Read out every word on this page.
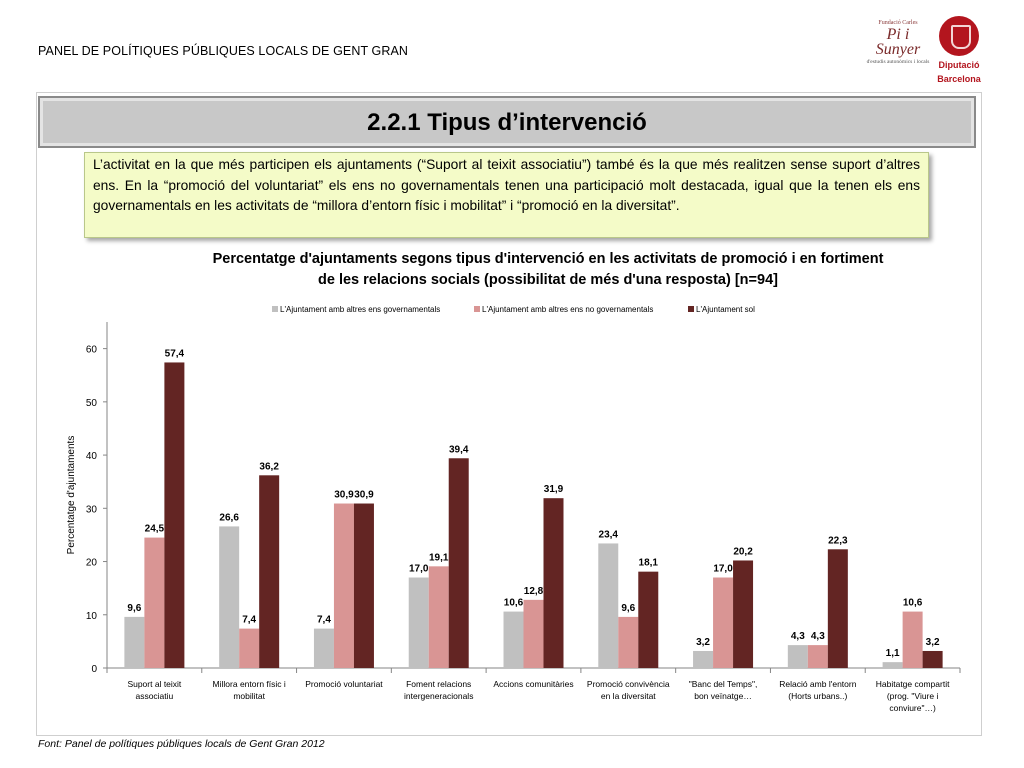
PANEL DE POLÍTIQUES PÚBLIQUES LOCALS DE GENT GRAN
Fundació Carles
Pi i Sunyer
d'estudis autonòmics i locals	Diputació
Barcelona
2.2.1 Tipus d’intervenció
L’activitat en la que més participen els ajuntaments (“Suport al teixit associatiu”) també és la que més realitzen sense suport d’altres ens. En la “promoció del voluntariat” els ens no governamentals tenen una participació molt destacada, igual que la tenen els ens governamentals en les activitats de “millora d’entorn físic i mobilitat” i “promoció en la diversitat”.
Percentatge d'ajuntaments segons tipus d'intervenció en les activitats de promoció i en fortiment
de les relacions socials (possibilitat de més d'una resposta) [n=94]
0
10
20
30
40
50
60
Percentatge d'ajuntaments
9,6
24,5
57,4
Suport al teixit
associatiu
26,6
7,4
36,2
Millora entorn físic i
mobilitat
7,4
30,9 30,9
Promoció voluntariat
17,0
19,1
39,4
Foment relacions
intergeneracionals
10,6
12,8
31,9
Accions comunitàries
23,4
9,6
18,1
Promoció convivència
en la diversitat
3,2
17,0
20,2
"Banc del Temps",
bon veïnatge…
4,3 4,3
22,3
Relació amb l'entorn
(Horts urbans..)
1,1
10,6
3,2
Habitatge compartit
(prog. "Viure i
conviure"…)
L'Ajuntament amb altres ens governamentals	L'Ajuntament amb altres ens no governamentals	L'Ajuntament sol
Font: Panel de polítiques públiques locals de Gent Gran 2012
